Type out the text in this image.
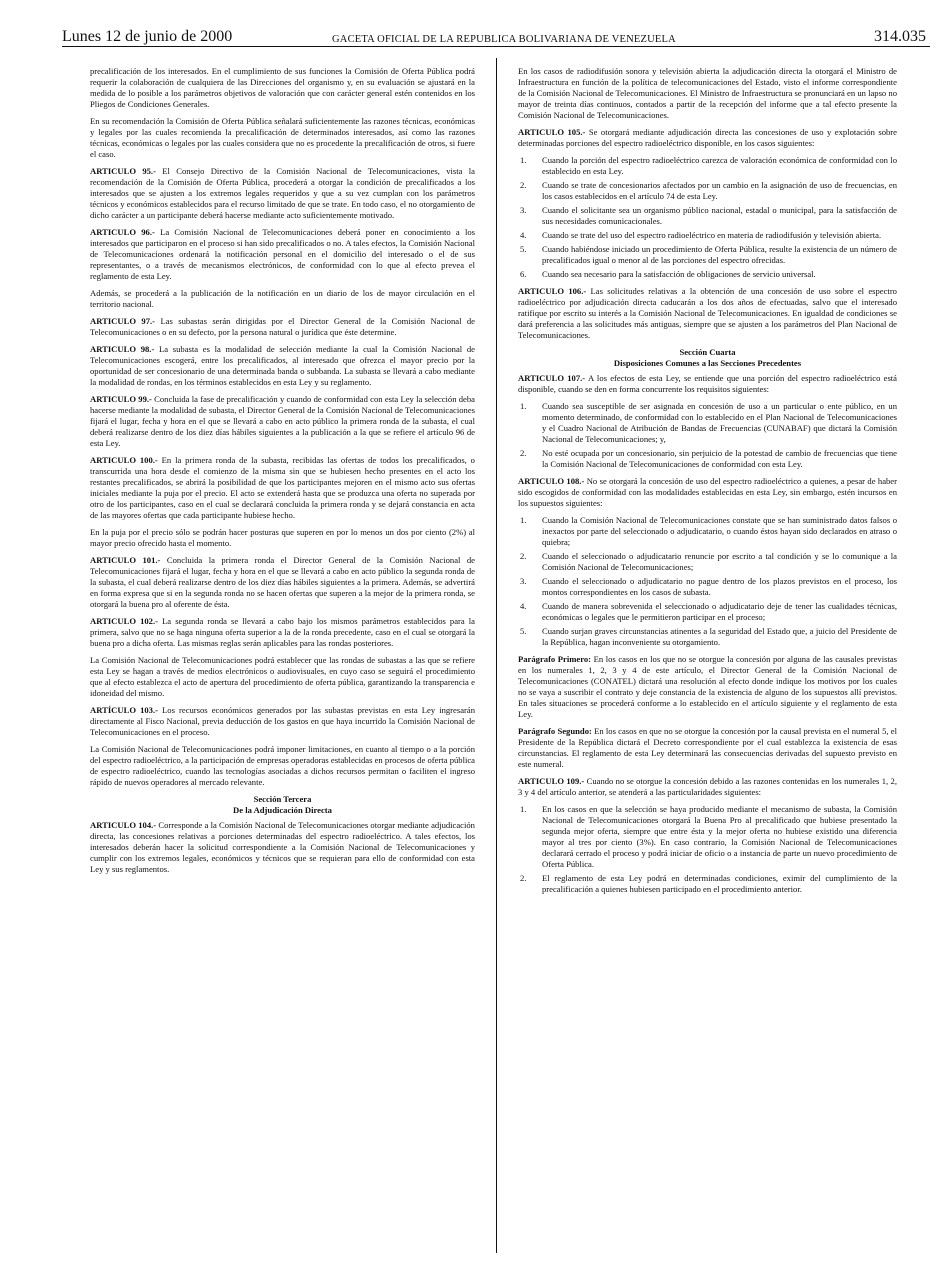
Lunes 12 de junio de 2000	GACETA OFICIAL DE LA REPUBLICA BOLIVARIANA DE VENEZUELA	314.035

precalificación de los interesados. En el cumplimiento de sus funciones la Comisión de Oferta Pública podrá requerir la colaboración de cualquiera de las Direcciones del organismo y, en su evaluación se ajustará en la medida de lo posible a los parámetros objetivos de valoración que con carácter general estén contenidos en los Pliegos de Condiciones Generales.

En su recomendación la Comisión de Oferta Pública señalará suficientemente las razones técnicas, económicas y legales por las cuales recomienda la precalificación de determinados interesados, así como las razones técnicas, económicas o legales por las cuales considera que no es procedente la precalificación de otros, si fuere el caso.

ARTICULO 95.- El Consejo Directivo de la Comisión Nacional de Telecomunicaciones, vista la recomendación de la Comisión de Oferta Pública, procederá a otorgar la condición de precalificados a los interesados que se ajusten a los extremos legales requeridos y que a su vez cumplan con los parámetros técnicos y económicos establecidos para el recurso limitado de que se trate. En todo caso, el no otorgamiento de dicho carácter a un participante deberá hacerse mediante acto suficientemente motivado.

ARTICULO 96.- La Comisión Nacional de Telecomunicaciones deberá poner en conocimiento a los interesados que participaron en el proceso si han sido precalificados o no. A tales efectos, la Comisión Nacional de Telecomunicaciones ordenará la notificación personal en el domicilio del interesado o el de sus representantes, o a través de mecanismos electrónicos, de conformidad con lo que al efecto prevea el reglamento de esta Ley.

Además, se procederá a la publicación de la notificación en un diario de los de mayor circulación en el territorio nacional.

ARTICULO 97.- Las subastas serán dirigidas por el Director General de la Comisión Nacional de Telecomunicaciones o en su defecto, por la persona natural o jurídica que éste determine.

ARTICULO 98.- La subasta es la modalidad de selección mediante la cual la Comisión Nacional de Telecomunicaciones escogerá, entre los precalificados, al interesado que ofrezca el mayor precio por la oportunidad de ser concesionario de una determinada banda o subbanda. La subasta se llevará a cabo mediante la modalidad de rondas, en los términos establecidos en esta Ley y su reglamento.

ARTICULO 99.- Concluida la fase de precalificación y cuando de conformidad con esta Ley la selección deba hacerse mediante la modalidad de subasta, el Director General de la Comisión Nacional de Telecomunicaciones fijará el lugar, fecha y hora en el que se llevará a cabo en acto público la primera ronda de la subasta, el cual deberá realizarse dentro de los diez días hábiles siguientes a la publicación a la que se refiere el artículo 96 de esta Ley.

ARTICULO 100.- En la primera ronda de la subasta, recibidas las ofertas de todos los precalificados, o transcurrida una hora desde el comienzo de la misma sin que se hubiesen hecho presentes en el acto los restantes precalificados, se abrirá la posibilidad de que los participantes mejoren en el mismo acto sus ofertas iniciales mediante la puja por el precio. El acto se extenderá hasta que se produzca una oferta no superada por otro de los participantes, caso en el cual se declarará concluida la primera ronda y se dejará constancia en acta de las mayores ofertas que cada participante hubiese hecho.

En la puja por el precio sólo se podrán hacer posturas que superen en por lo menos un dos por ciento (2%) al mayor precio ofrecido hasta el momento.

ARTICULO 101.- Concluida la primera ronda el Director General de la Comisión Nacional de Telecomunicaciones fijará el lugar, fecha y hora en el que se llevará a cabo en acto público la segunda ronda de la subasta, el cual deberá realizarse dentro de los diez días hábiles siguientes a la primera. Además, se advertirá en forma expresa que si en la segunda ronda no se hacen ofertas que superen a la mejor de la primera ronda, se otorgará la buena pro al oferente de ésta.

ARTICULO 102.- La segunda ronda se llevará a cabo bajo los mismos parámetros establecidos para la primera, salvo que no se haga ninguna oferta superior a la de la ronda precedente, caso en el cual se otorgará la buena pro a dicha oferta. Las mismas reglas serán aplicables para las rondas posteriores.

La Comisión Nacional de Telecomunicaciones podrá establecer que las rondas de subastas a las que se refiere esta Ley se hagan a través de medios electrónicos o audiovisuales, en cuyo caso se seguirá el procedimiento que al efecto establezca el acto de apertura del procedimiento de oferta pública, garantizando la transparencia e idoneidad del mismo.

ARTÍCULO 103.- Los recursos económicos generados por las subastas previstas en esta Ley ingresarán directamente al Fisco Nacional, previa deducción de los gastos en que haya incurrido la Comisión Nacional de Telecomunicaciones en el proceso.

La Comisión Nacional de Telecomunicaciones podrá imponer limitaciones, en cuanto al tiempo o a la porción del espectro radioeléctrico, a la participación de empresas operadoras establecidas en procesos de oferta pública de espectro radioeléctrico, cuando las tecnologías asociadas a dichos recursos permitan o faciliten el ingreso rápido de nuevos operadores al mercado relevante.

Sección Tercera
De la Adjudicación Directa

ARTICULO 104.- Corresponde a la Comisión Nacional de Telecomunicaciones otorgar mediante adjudicación directa, las concesiones relativas a porciones determinadas del espectro radioeléctrico. A tales efectos, los interesados deberán hacer la solicitud correspondiente a la Comisión Nacional de Telecomunicaciones y cumplir con los extremos legales, económicos y técnicos que se requieran para ello de conformidad con esta Ley y sus reglamentos.

En los casos de radiodifusión sonora y televisión abierta la adjudicación directa la otorgará el Ministro de Infraestructura en función de la política de telecomunicaciones del Estado, visto el informe correspondiente de la Comisión Nacional de Telecomunicaciones. El Ministro de Infraestructura se pronunciará en un lapso no mayor de treinta días continuos, contados a partir de la recepción del informe que a tal efecto presente la Comisión Nacional de Telecomunicaciones.

ARTICULO 105.- Se otorgará mediante adjudicación directa las concesiones de uso y explotación sobre determinadas porciones del espectro radioeléctrico disponible, en los casos siguientes:

1. Cuando la porción del espectro radioeléctrico carezca de valoración económica de conformidad con lo establecido en esta Ley.
2. Cuando se trate de concesionarios afectados por un cambio en la asignación de uso de frecuencias, en los casos establecidos en el artículo 74 de esta Ley.
3. Cuando el solicitante sea un organismo público nacional, estadal o municipal, para la satisfacción de sus necesidades comunicacionales.
4. Cuando se trate del uso del espectro radioeléctrico en materia de radiodifusión y televisión abierta.
5. Cuando habiéndose iniciado un procedimiento de Oferta Pública, resulte la existencia de un número de precalificados igual o menor al de las porciones del espectro ofrecidas.
6. Cuando sea necesario para la satisfacción de obligaciones de servicio universal.

ARTICULO 106.- Las solicitudes relativas a la obtención de una concesión de uso sobre el espectro radioeléctrico por adjudicación directa caducarán a los dos años de efectuadas, salvo que el interesado ratifique por escrito su interés a la Comisión Nacional de Telecomunicaciones. En igualdad de condiciones se dará preferencia a las solicitudes más antiguas, siempre que se ajusten a los parámetros del Plan Nacional de Telecomunicaciones.

Sección Cuarta
Disposiciones Comunes a las Secciones Precedentes

ARTICULO 107.- A los efectos de esta Ley, se entiende que una porción del espectro radioeléctrico está disponible, cuando se den en forma concurrente los requisitos siguientes:

1. Cuando sea susceptible de ser asignada en concesión de uso a un particular o ente público, en un momento determinado, de conformidad con lo establecido en el Plan Nacional de Telecomunicaciones y el Cuadro Nacional de Atribución de Bandas de Frecuencias (CUNABAF) que dictará la Comisión Nacional de Telecomunicaciones; y,
2. No esté ocupada por un concesionario, sin perjuicio de la potestad de cambio de frecuencias que tiene la Comisión Nacional de Telecomunicaciones de conformidad con esta Ley.

ARTICULO 108.- No se otorgará la concesión de uso del espectro radioeléctrico a quienes, a pesar de haber sido escogidos de conformidad con las modalidades establecidas en esta Ley, sin embargo, estén incursos en los supuestos siguientes:

1. Cuando la Comisión Nacional de Telecomunicaciones constate que se han suministrado datos falsos o inexactos por parte del seleccionado o adjudicatario, o cuando éstos hayan sido declarados en atraso o quiebra;
2. Cuando el seleccionado o adjudicatario renuncie por escrito a tal condición y se lo comunique a la Comisión Nacional de Telecomunicaciones;
3. Cuando el seleccionado o adjudicatario no pague dentro de los plazos previstos en el proceso, los montos correspondientes en los casos de subasta.
4. Cuando de manera sobrevenida el seleccionado o adjudicatario deje de tener las cualidades técnicas, económicas o legales que le permitieron participar en el proceso;
5. Cuando surjan graves circunstancias atinentes a la seguridad del Estado que, a juicio del Presidente de la República, hagan inconveniente su otorgamiento.

Parágrafo Primero: En los casos en los que no se otorgue la concesión por alguna de las causales previstas en los numerales 1, 2, 3 y 4 de este artículo, el Director General de la Comisión Nacional de Telecomunicaciones (CONATEL) dictará una resolución al efecto donde indique los motivos por los cuales no se vaya a suscribir el contrato y deje constancia de la existencia de alguno de los supuestos allí previstos. En tales situaciones se procederá conforme a lo establecido en el artículo siguiente y el reglamento de esta Ley.

Parágrafo Segundo: En los casos en que no se otorgue la concesión por la causal prevista en el numeral 5, el Presidente de la República dictará el Decreto correspondiente por el cual establezca la existencia de esas circunstancias. El reglamento de esta Ley determinará las consecuencias derivadas del supuesto previsto en este numeral.

ARTICULO 109.- Cuando no se otorgue la concesión debido a las razones contenidas en los numerales 1, 2, 3 y 4 del artículo anterior, se atenderá a las particularidades siguientes:

1. En los casos en que la selección se haya producido mediante el mecanismo de subasta, la Comisión Nacional de Telecomunicaciones otorgará la Buena Pro al precalificado que hubiese presentado la segunda mejor oferta, siempre que entre ésta y la mejor oferta no hubiese existido una diferencia mayor al tres por ciento (3%). En caso contrario, la Comisión Nacional de Telecomunicaciones declarará cerrado el proceso y podrá iniciar de oficio o a instancia de parte un nuevo procedimiento de Oferta Pública.
2. El reglamento de esta Ley podrá en determinadas condiciones, eximir del cumplimiento de la precalificación a quienes hubiesen participado en el procedimiento anterior.
